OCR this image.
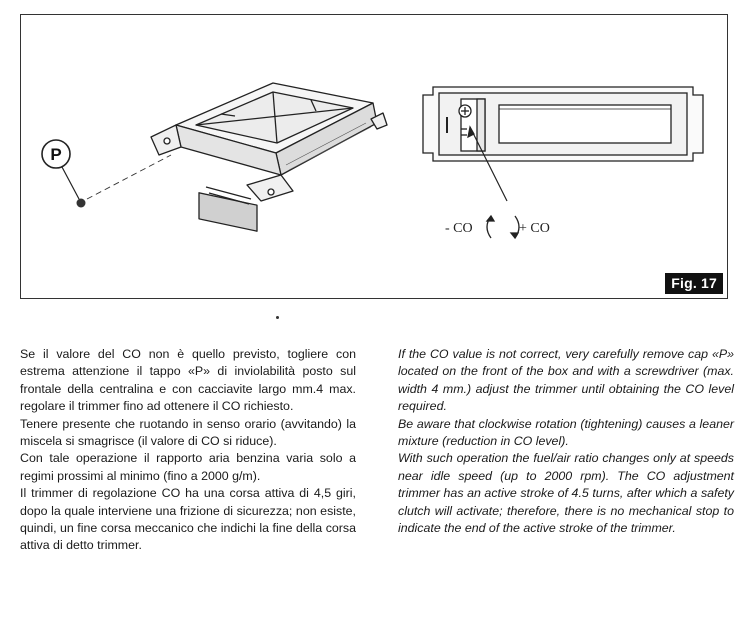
P
- CO	+ CO
Fig. 17

Se il valore del CO non è quello previsto, togliere con estrema attenzione il tappo «P» di inviolabilità posto sul frontale della centralina e con cacciavite largo mm.4 max. regolare il trimmer fino ad ottenere il CO richiesto.

Tenere presente che ruotando in senso orario (avvitando) la miscela si smagrisce (il valore di CO si riduce).

Con tale operazione il rapporto aria benzina varia solo a regimi prossimi al minimo (fino a 2000 g/m).

Il trimmer di regolazione CO ha una corsa attiva di 4,5 giri, dopo la quale interviene una frizione di sicurezza; non esiste, quindi, un fine corsa meccanico che indichi la fine della corsa attiva di detto trimmer.

If the CO value is not correct, very carefully remove cap «P» located on the front of the box and with a screwdriver (max. width 4 mm.) adjust the trimmer until obtaining the CO level required.

Be aware that clockwise rotation (tightening) causes a leaner mixture (reduction in CO level).

With such operation the fuel/air ratio changes only at speeds near idle speed (up to 2000 rpm). The CO adjustment trimmer has an active stroke of 4.5 turns, after which a safety clutch will activate; therefore, there is no mechanical stop to indicate the end of the active stroke of the trimmer.
